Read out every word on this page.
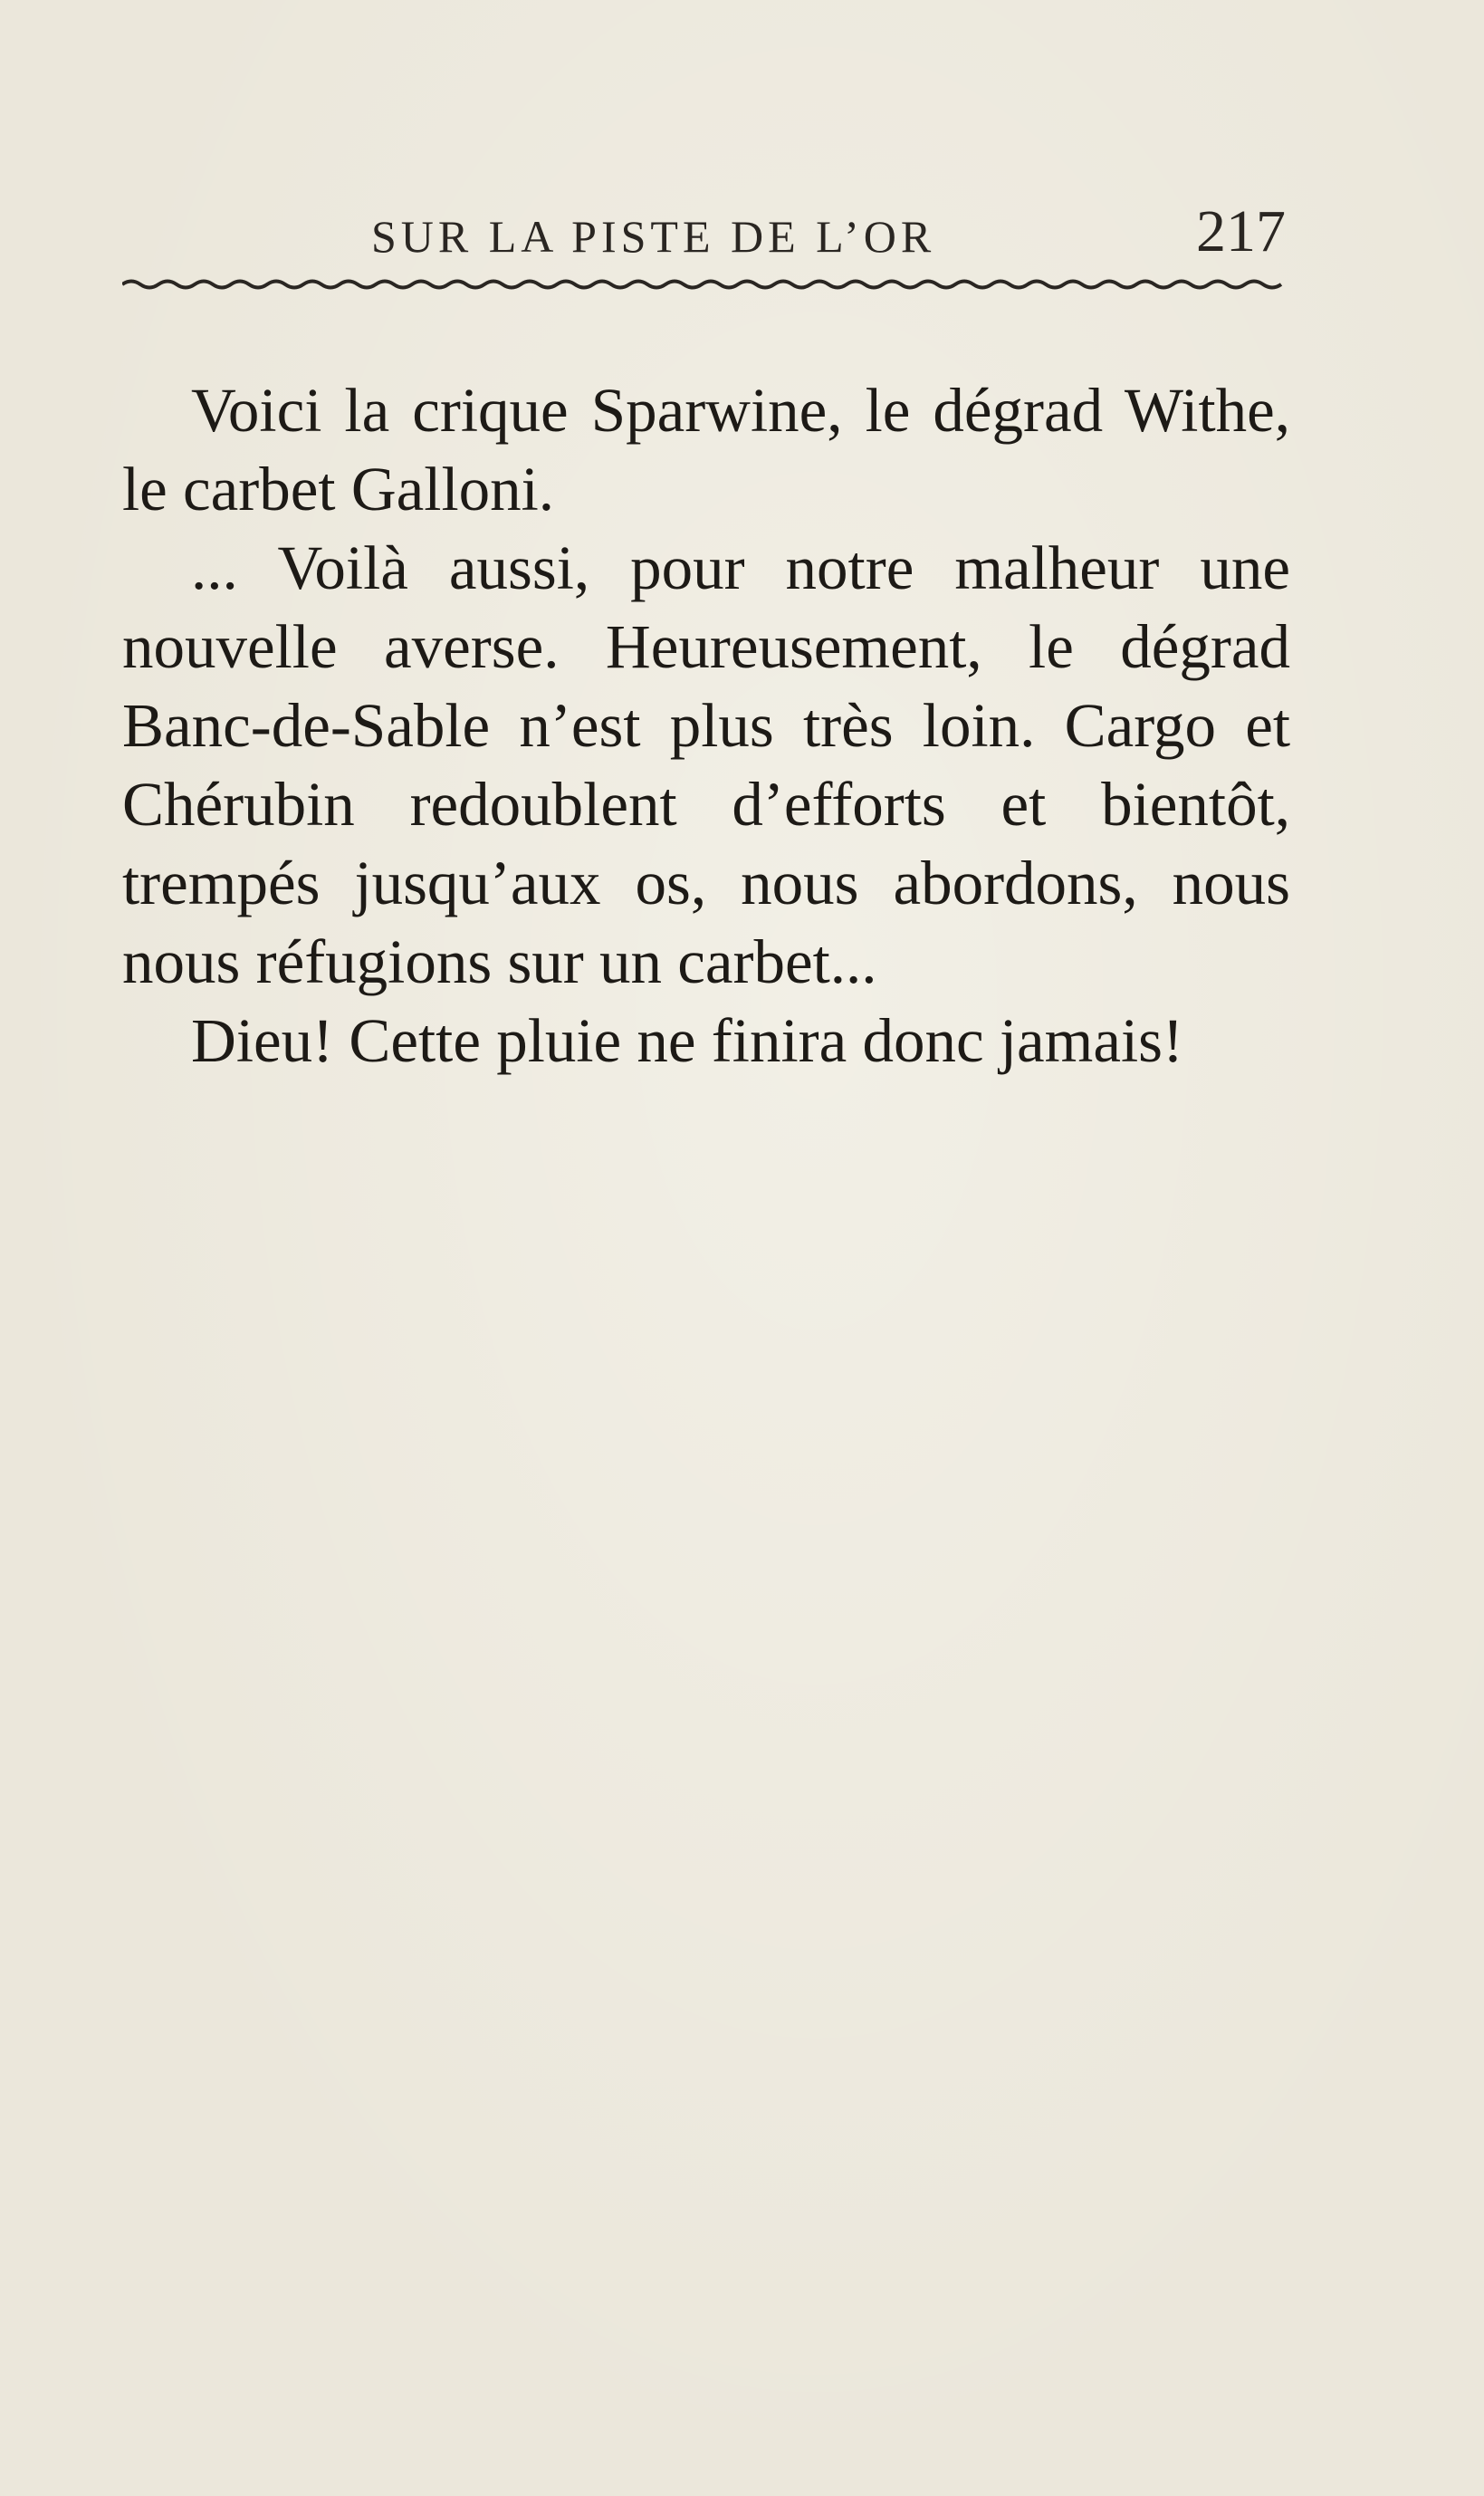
SUR LA PISTE DE L’OR	217

Voici la crique Sparwine, le dégrad Withe, le carbet Galloni.

... Voilà aussi, pour notre malheur une nouvelle averse. Heureusement, le dégrad Banc-de-Sable n’est plus très loin. Cargo et Chérubin redoublent d’efforts et bientôt, trempés jusqu’aux os, nous abordons, nous nous réfugions sur un carbet...

Dieu! Cette pluie ne finira donc jamais!
